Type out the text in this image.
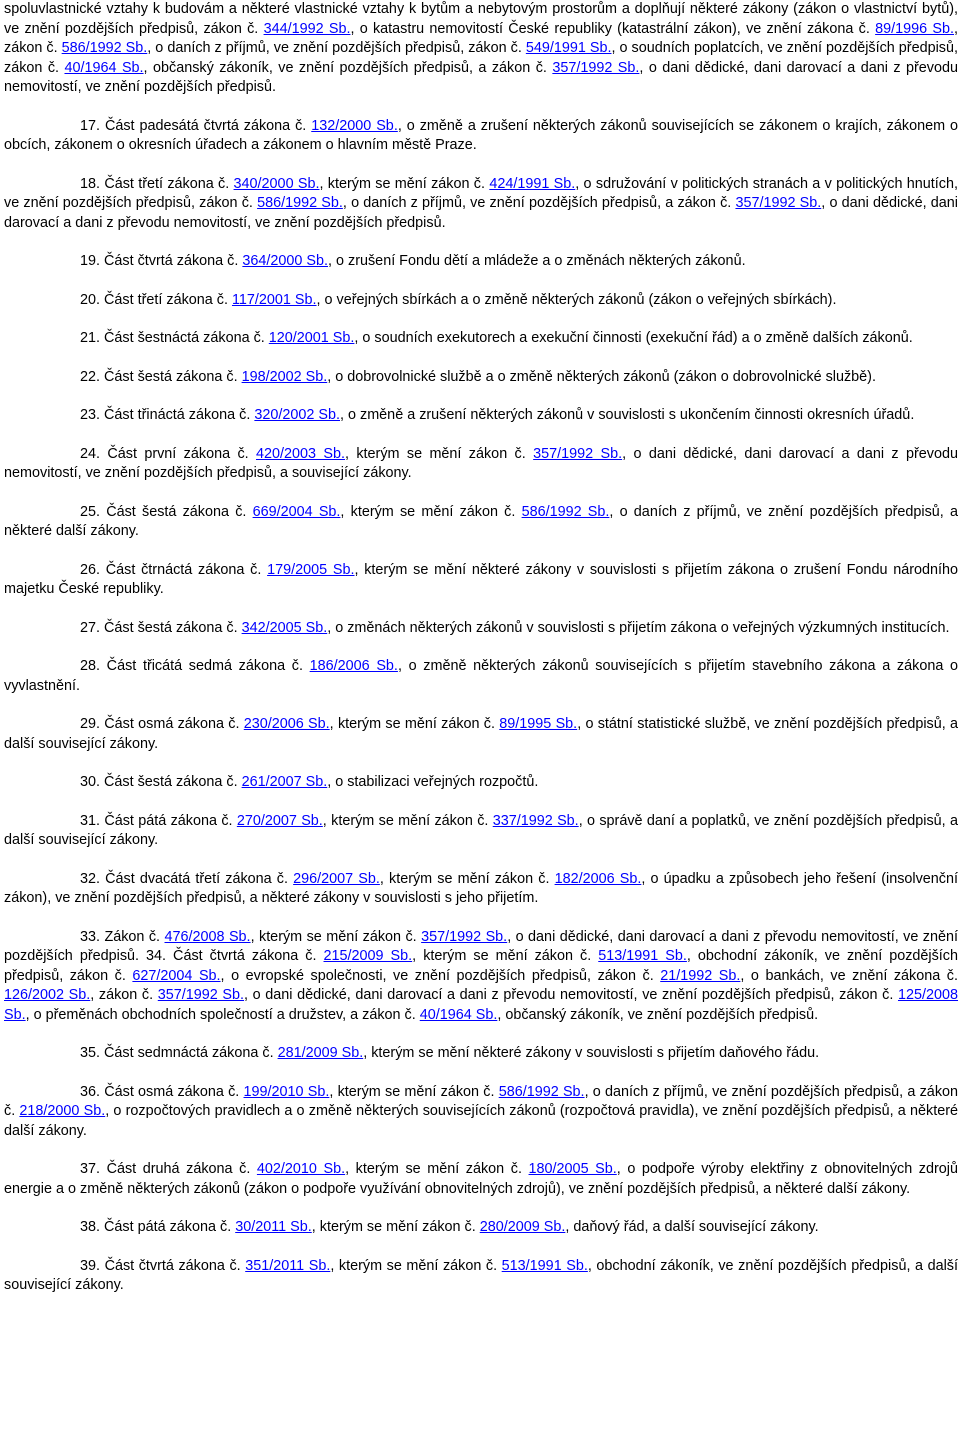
spoluvlastnické vztahy k budovám a některé vlastnické vztahy k bytům a nebytovým prostorům a doplňují některé zákony (zákon o vlastnictví bytů), ve znění pozdějších předpisů, zákon č. 344/1992 Sb., o katastru nemovitostí České republiky (katastrální zákon), ve znění zákona č. 89/1996 Sb., zákon č. 586/1992 Sb., o daních z příjmů, ve znění pozdějších předpisů, zákon č. 549/1991 Sb., o soudních poplatcích, ve znění pozdějších předpisů, zákon č. 40/1964 Sb., občanský zákoník, ve znění pozdějších předpisů, a zákon č. 357/1992 Sb., o dani dědické, dani darovací a dani z převodu nemovitostí, ve znění pozdějších předpisů.

17. Část padesátá čtvrtá zákona č. 132/2000 Sb., o změně a zrušení některých zákonů souvisejících se zákonem o krajích, zákonem o obcích, zákonem o okresních úřadech a zákonem o hlavním městě Praze.

18. Část třetí zákona č. 340/2000 Sb., kterým se mění zákon č. 424/1991 Sb., o sdružování v politických stranách a v politických hnutích, ve znění pozdějších předpisů, zákon č. 586/1992 Sb., o daních z příjmů, ve znění pozdějších předpisů, a zákon č. 357/1992 Sb., o dani dědické, dani darovací a dani z převodu nemovitostí, ve znění pozdějších předpisů.

19. Část čtvrtá zákona č. 364/2000 Sb., o zrušení Fondu dětí a mládeže a o změnách některých zákonů.

20. Část třetí zákona č. 117/2001 Sb., o veřejných sbírkách a o změně některých zákonů (zákon o veřejných sbírkách).

21. Část šestnáctá zákona č. 120/2001 Sb., o soudních exekutorech a exekuční činnosti (exekuční řád) a o změně dalších zákonů.

22. Část šestá zákona č. 198/2002 Sb., o dobrovolnické službě a o změně některých zákonů (zákon o dobrovolnické službě).

23. Část třináctá zákona č. 320/2002 Sb., o změně a zrušení některých zákonů v souvislosti s ukončením činnosti okresních úřadů.

24. Část první zákona č. 420/2003 Sb., kterým se mění zákon č. 357/1992 Sb., o dani dědické, dani darovací a dani z převodu nemovitostí, ve znění pozdějších předpisů, a související zákony.

25. Část šestá zákona č. 669/2004 Sb., kterým se mění zákon č. 586/1992 Sb., o daních z příjmů, ve znění pozdějších předpisů, a některé další zákony.

26. Část čtrnáctá zákona č. 179/2005 Sb., kterým se mění některé zákony v souvislosti s přijetím zákona o zrušení Fondu národního majetku České republiky.

27. Část šestá zákona č. 342/2005 Sb., o změnách některých zákonů v souvislosti s přijetím zákona o veřejných výzkumných institucích.

28. Část třicátá sedmá zákona č. 186/2006 Sb., o změně některých zákonů souvisejících s přijetím stavebního zákona a zákona o vyvlastnění.

29. Část osmá zákona č. 230/2006 Sb., kterým se mění zákon č. 89/1995 Sb., o státní statistické službě, ve znění pozdějších předpisů, a další související zákony.

30. Část šestá zákona č. 261/2007 Sb., o stabilizaci veřejných rozpočtů.

31. Část pátá zákona č. 270/2007 Sb., kterým se mění zákon č. 337/1992 Sb., o správě daní a poplatků, ve znění pozdějších předpisů, a další související zákony.

32. Část dvacátá třetí zákona č. 296/2007 Sb., kterým se mění zákon č. 182/2006 Sb., o úpadku a způsobech jeho řešení (insolvenční zákon), ve znění pozdějších předpisů, a některé zákony v souvislosti s jeho přijetím.

33. Zákon č. 476/2008 Sb., kterým se mění zákon č. 357/1992 Sb., o dani dědické, dani darovací a dani z převodu nemovitostí, ve znění pozdějších předpisů. 34. Část čtvrtá zákona č. 215/2009 Sb., kterým se mění zákon č. 513/1991 Sb., obchodní zákoník, ve znění pozdějších předpisů, zákon č. 627/2004 Sb., o evropské společnosti, ve znění pozdějších předpisů, zákon č. 21/1992 Sb., o bankách, ve znění zákona č. 126/2002 Sb., zákon č. 357/1992 Sb., o dani dědické, dani darovací a dani z převodu nemovitostí, ve znění pozdějších předpisů, zákon č. 125/2008 Sb., o přeměnách obchodních společností a družstev, a zákon č. 40/1964 Sb., občanský zákoník, ve znění pozdějších předpisů.

35. Část sedmnáctá zákona č. 281/2009 Sb., kterým se mění některé zákony v souvislosti s přijetím daňového řádu.

36. Část osmá zákona č. 199/2010 Sb., kterým se mění zákon č. 586/1992 Sb., o daních z příjmů, ve znění pozdějších předpisů, a zákon č. 218/2000 Sb., o rozpočtových pravidlech a o změně některých souvisejících zákonů (rozpočtová pravidla), ve znění pozdějších předpisů, a některé další zákony.

37. Část druhá zákona č. 402/2010 Sb., kterým se mění zákon č. 180/2005 Sb., o podpoře výroby elektřiny z obnovitelných zdrojů energie a o změně některých zákonů (zákon o podpoře využívání obnovitelných zdrojů), ve znění pozdějších předpisů, a některé další zákony.

38. Část pátá zákona č. 30/2011 Sb., kterým se mění zákon č. 280/2009 Sb., daňový řád, a další související zákony.

39. Část čtvrtá zákona č. 351/2011 Sb., kterým se mění zákon č. 513/1991 Sb., obchodní zákoník, ve znění pozdějších předpisů, a další související zákony.
